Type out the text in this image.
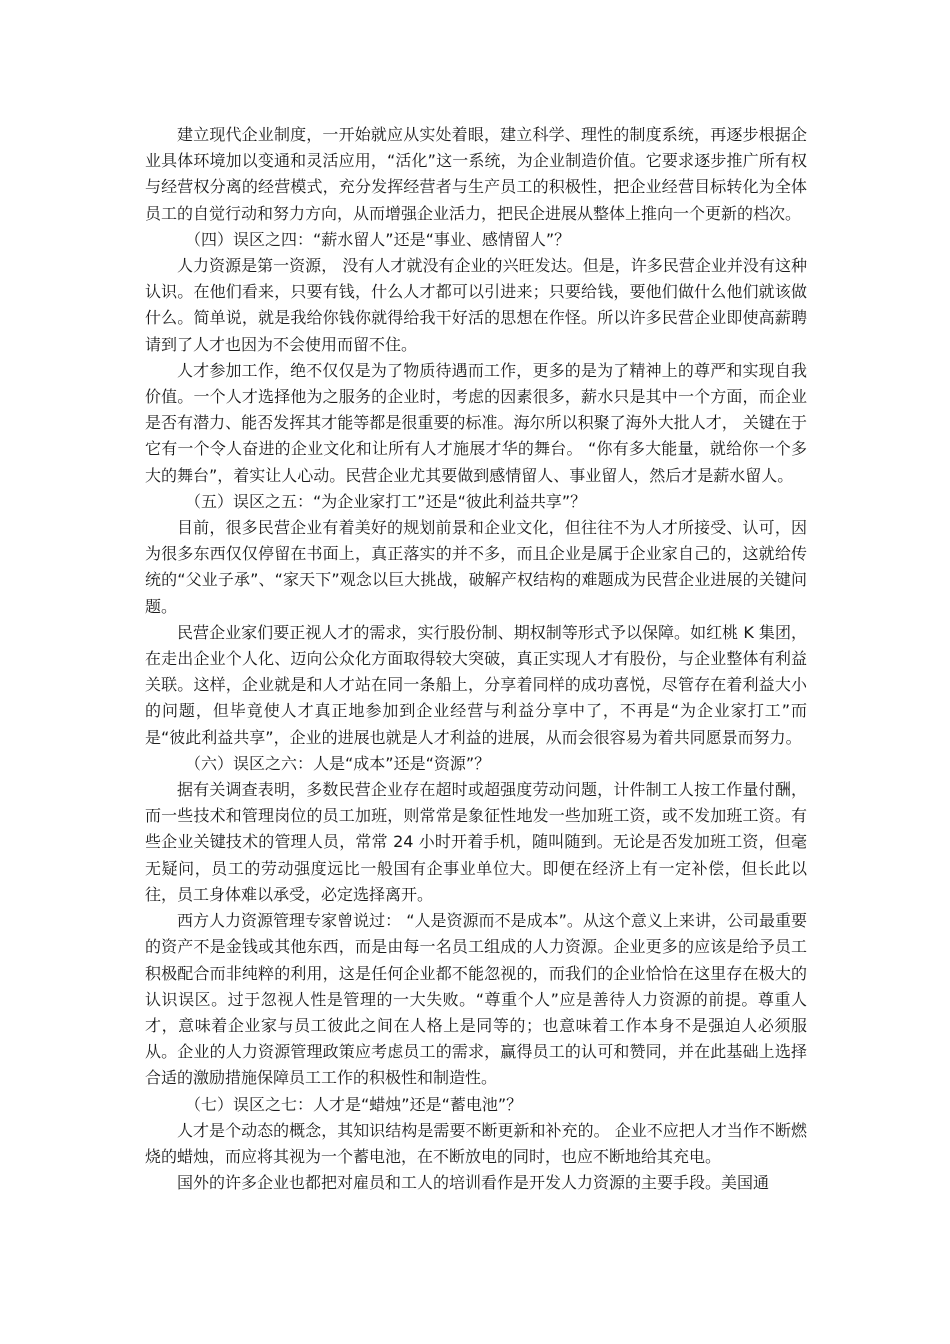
建立现代企业制度，一开始就应从实处着眼，建立科学、理性的制度系统，再逐步根据企业具体环境加以变通和灵活应用，“活化”这一系统，为企业制造价值。它要求逐步推广所有权与经营权分离的经营模式，充分发挥经营者与生产员工的积极性，把企业经营目标转化为全体员工的自觉行动和努力方向，从而增强企业活力，把民企进展从整体上推向一个更新的档次。

（四）误区之四：“薪水留人”还是“事业、感情留人”？

人力资源是第一资源， 没有人才就没有企业的兴旺发达。但是，许多民营企业并没有这种认识。在他们看来，只要有钱，什么人才都可以引进来；只要给钱，要他们做什么他们就该做什么。简单说，就是我给你钱你就得给我干好活的思想在作怪。所以许多民营企业即使高薪聘请到了人才也因为不会使用而留不住。

人才参加工作，绝不仅仅是为了物质待遇而工作，更多的是为了精神上的尊严和实现自我价值。一个人才选择他为之服务的企业时，考虑的因素很多，薪水只是其中一个方面，而企业是否有潜力、能否发挥其才能等都是很重要的标准。海尔所以积聚了海外大批人才， 关键在于它有一个令人奋进的企业文化和让所有人才施展才华的舞台。 “你有多大能量，就给你一个多大的舞台”，着实让人心动。民营企业尤其要做到感情留人、事业留人，然后才是薪水留人。

（五）误区之五：“为企业家打工”还是“彼此利益共享”？

目前，很多民营企业有着美好的规划前景和企业文化，但往往不为人才所接受、认可，因为很多东西仅仅停留在书面上，真正落实的并不多，而且企业是属于企业家自己的，这就给传统的“父业子承”、“家天下”观念以巨大挑战，破解产权结构的难题成为民营企业进展的关键问题。

民营企业家们要正视人才的需求，实行股份制、期权制等形式予以保障。如红桃 K 集团，在走出企业个人化、迈向公众化方面取得较大突破，真正实现人才有股份，与企业整体有利益关联。这样，企业就是和人才站在同一条船上，分享着同样的成功喜悦，尽管存在着利益大小的问题，但毕竟使人才真正地参加到企业经营与利益分享中了，不再是“为企业家打工”而是“彼此利益共享”，企业的进展也就是人才利益的进展，从而会很容易为着共同愿景而努力。

（六）误区之六：人是“成本”还是“资源”？

据有关调查表明，多数民营企业存在超时或超强度劳动问题，计件制工人按工作量付酬，而一些技术和管理岗位的员工加班，则常常是象征性地发一些加班工资，或不发加班工资。有些企业关键技术的管理人员，常常 24 小时开着手机，随叫随到。无论是否发加班工资，但毫无疑问，员工的劳动强度远比一般国有企事业单位大。即便在经济上有一定补偿，但长此以往，员工身体难以承受，必定选择离开。

西方人力资源管理专家曾说过： “人是资源而不是成本”。从这个意义上来讲，公司最重要的资产不是金钱或其他东西，而是由每一名员工组成的人力资源。企业更多的应该是给予员工积极配合而非纯粹的利用，这是任何企业都不能忽视的，而我们的企业恰恰在这里存在极大的认识误区。过于忽视人性是管理的一大失败。“尊重个人”应是善待人力资源的前提。尊重人才，意味着企业家与员工彼此之间在人格上是同等的；也意味着工作本身不是强迫人必须服从。企业的人力资源管理政策应考虑员工的需求，赢得员工的认可和赞同，并在此基础上选择合适的激励措施保障员工工作的积极性和制造性。

（七）误区之七：人才是“蜡烛”还是“蓄电池”？

人才是个动态的概念，其知识结构是需要不断更新和补充的。 企业不应把人才当作不断燃烧的蜡烛，而应将其视为一个蓄电池，在不断放电的同时，也应不断地给其充电。

国外的许多企业也都把对雇员和工人的培训看作是开发人力资源的主要手段。美国通
